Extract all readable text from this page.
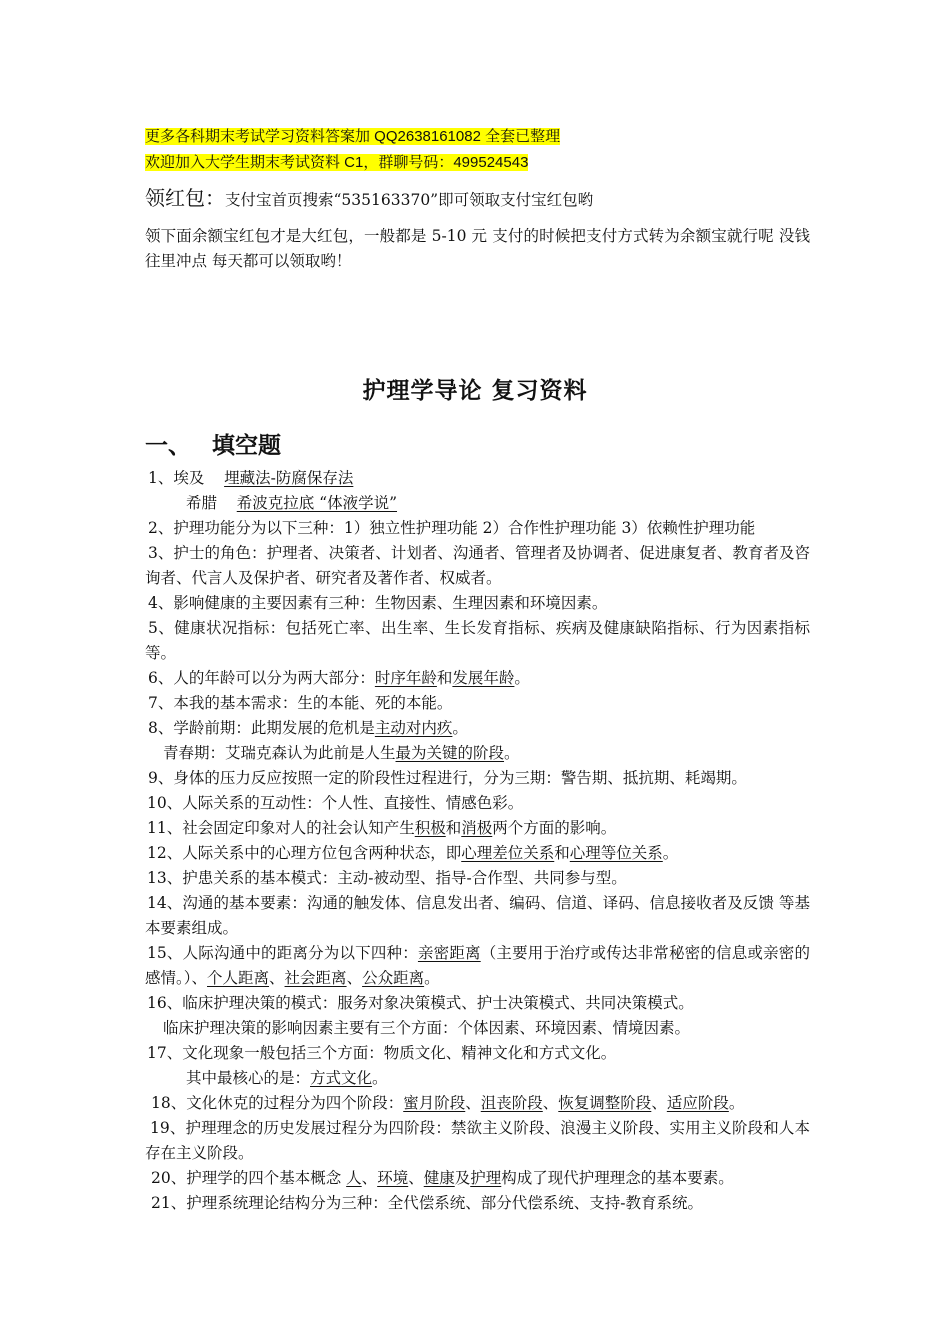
更多各科期末考试学习资料答案加 QQ2638161082 全套已整理
欢迎加入大学生期末考试资料 C1，群聊号码：499524543
领红包：支付宝首页搜索“535163370”即可领取支付宝红包哟
领下面余额宝红包才是大红包，一般都是 5-10 元 支付的时候把支付方式转为余额宝就行呢 没钱往里冲点 每天都可以领取哟！
护理学导论 复习资料
一、 填空题
1、埃及 埋藏法-防腐保存法
希腊 希波克拉底 “体液学说”
2、护理功能分为以下三种：1）独立性护理功能 2）合作性护理功能 3）依赖性护理功能
3、护士的角色：护理者、决策者、计划者、沟通者、管理者及协调者、促进康复者、教育者及咨询者、代言人及保护者、研究者及著作者、权威者。
4、影响健康的主要因素有三种：生物因素、生理因素和环境因素。
5、健康状况指标：包括死亡率、出生率、生长发育指标、疾病及健康缺陷指标、行为因素指标等。
6、人的年龄可以分为两大部分：时序年龄和发展年龄。
7、本我的基本需求：生的本能、死的本能。
8、学龄前期：此期发展的危机是主动对内疚。
青春期：艾瑞克森认为此前是人生最为关键的阶段。
9、身体的压力反应按照一定的阶段性过程进行，分为三期：警告期、抵抗期、耗竭期。
10、人际关系的互动性：个人性、直接性、情感色彩。
11、社会固定印象对人的社会认知产生积极和消极两个方面的影响。
12、人际关系中的心理方位包含两种状态，即心理差位关系和心理等位关系。
13、护患关系的基本模式：主动-被动型、指导-合作型、共同参与型。
14、沟通的基本要素：沟通的触发体、信息发出者、编码、信道、译码、信息接收者及反馈 等基本要素组成。
15、人际沟通中的距离分为以下四种：亲密距离（主要用于治疗或传达非常秘密的信息或亲密的感情。）、个人距离、社会距离、公众距离。
16、临床护理决策的模式：服务对象决策模式、护士决策模式、共同决策模式。
临床护理决策的影响因素主要有三个方面：个体因素、环境因素、情境因素。
17、文化现象一般包括三个方面：物质文化、精神文化和方式文化。
其中最核心的是：方式文化。
18、文化休克的过程分为四个阶段：蜜月阶段、沮丧阶段、恢复调整阶段、适应阶段。
19、护理理念的历史发展过程分为四阶段：禁欲主义阶段、浪漫主义阶段、实用主义阶段和人本存在主义阶段。
20、护理学的四个基本概念 人、环境、健康及护理构成了现代护理理念的基本要素。
21、护理系统理论结构分为三种：全代偿系统、部分代偿系统、支持-教育系统。
